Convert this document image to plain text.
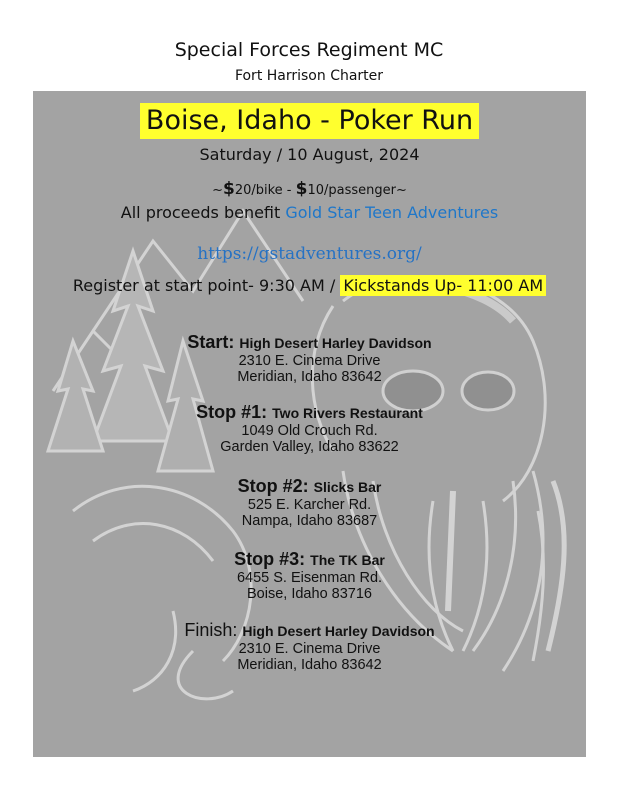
Special Forces Regiment MC
Fort Harrison Charter
Boise, Idaho - Poker Run
Saturday / 10 August, 2024
~$20/bike - $10/passenger~
All proceeds benefit Gold Star Teen Adventures
https://gstadventures.org/
Register at start point- 9:30 AM / Kickstands Up- 11:00 AM
Start: High Desert Harley Davidson
2310 E. Cinema Drive
Meridian, Idaho 83642
Stop #1: Two Rivers Restaurant
1049 Old Crouch Rd.
Garden Valley, Idaho 83622
Stop #2: Slicks Bar
525 E. Karcher Rd.
Nampa, Idaho 83687
Stop #3: The TK Bar
6455 S. Eisenman Rd.
Boise, Idaho 83716
Finish: High Desert Harley Davidson
2310 E. Cinema Drive
Meridian, Idaho 83642
